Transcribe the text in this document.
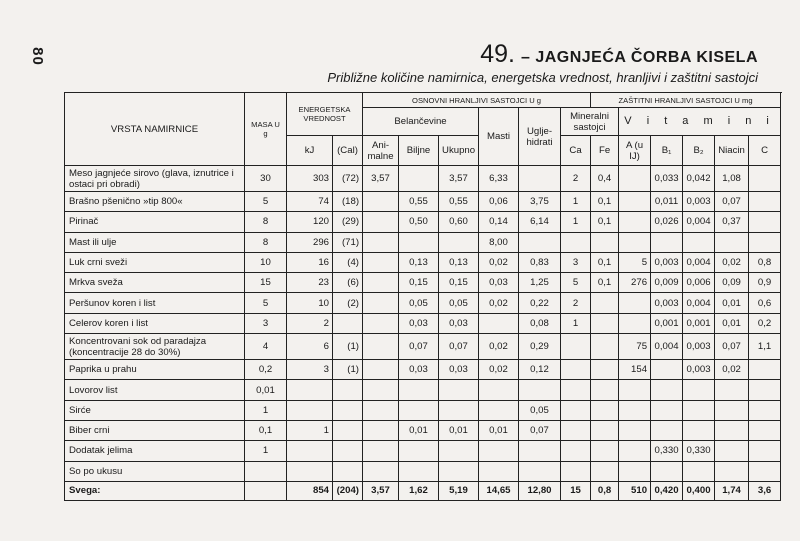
80	49. – JAGNJEĆA ČORBA KISELA
Približne količine namirnica, energetska vrednost, hranljivi i zaštitni sastojci
VRSTA NAMIRNICE	MASA U g	ENERGETSKA VREDNOST		OSNOVNI HRANLJIVI SASTOJCI U g						ZAŠTITNI HRANLJIVI SASTOJCI U mg					
				Belančevine			Masti	Uglje-hidrati	Mineralni sastojci		V i t a m i n i				
		kJ	(Cal)	Ani-malne	Biljne	Ukupno			Ca	Fe	A (u IJ)	B₁	B₂	Niacin	C
Meso jagnjeće sirovo (glava, iznutrice i ostaci pri obradi)	30	303	(72)	3,57		3,57	6,33		2	0,4		0,033	0,042	1,08	
Brašno pšenično »tip 800«	5	74	(18)		0,55	0,55	0,06	3,75	1	0,1		0,011	0,003	0,07	
Pirinač	8	120	(29)		0,50	0,60	0,14	6,14	1	0,1		0,026	0,004	0,37	
Mast ili ulje	8	296	(71)				8,00								
Luk crni sveži	10	16	(4)		0,13	0,13	0,02	0,83	3	0,1	5	0,003	0,004	0,02	0,8
Mrkva sveža	15	23	(6)		0,15	0,15	0,03	1,25	5	0,1	276	0,009	0,006	0,09	0,9
Peršunov koren i list	5	10	(2)		0,05	0,05	0,02	0,22	2			0,003	0,004	0,01	0,6
Celerov koren i list	3	2			0,03	0,03		0,08	1			0,001	0,001	0,01	0,2
Koncentrovani sok od paradajza (koncentracije 28 do 30%)	4	6	(1)		0,07	0,07	0,02	0,29			75	0,004	0,003	0,07	1,1
Paprika u prahu	0,2	3	(1)		0,03	0,03	0,02	0,12			154		0,003	0,02	
Lovorov list	0,01														
Sirće	1							0,05							
Biber crni	0,1	1			0,01	0,01	0,01	0,07							
Dodatak jelima	1											0,330	0,330		
So po ukusu															
Svega:		854	(204)	3,57	1,62	5,19	14,65	12,80	15	0,8	510	0,420	0,400	1,74	3,6
